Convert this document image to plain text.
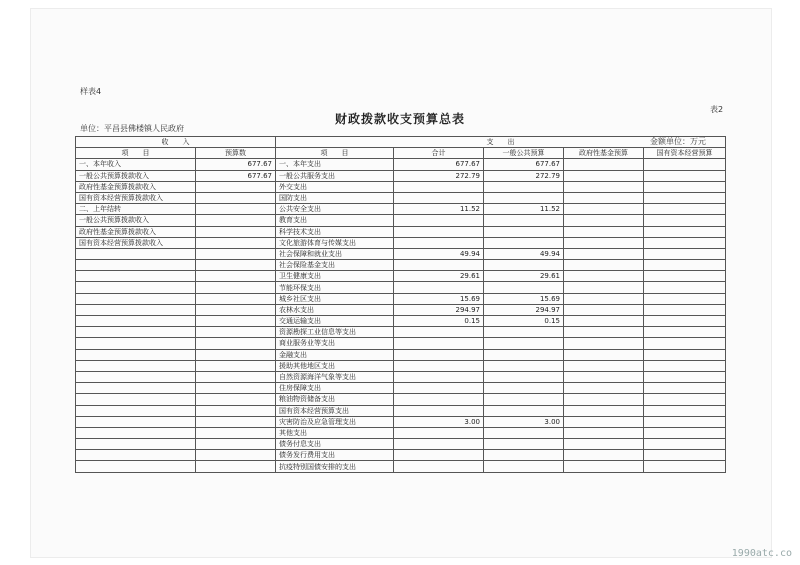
样表4
表2
财政拨款收支预算总表
单位：平昌县佛楼镇人民政府
金额单位：万元
收　　入		支　　出				
项　　目	预算数	项　　目	合计	一般公共预算	政府性基金预算	国有资本经营预算
一、本年收入	677.67	一、本年支出	677.67	677.67		
一般公共预算拨款收入	677.67	一般公共服务支出	272.79	272.79		
政府性基金预算拨款收入		外交支出				
国有资本经营预算拨款收入		国防支出				
二、上年结转		公共安全支出	11.52	11.52		
一般公共预算拨款收入		教育支出				
政府性基金预算拨款收入		科学技术支出				
国有资本经营预算拨款收入		文化旅游体育与传媒支出				
		社会保障和就业支出	49.94	49.94		
		社会保险基金支出				
		卫生健康支出	29.61	29.61		
		节能环保支出				
		城乡社区支出	15.69	15.69		
		农林水支出	294.97	294.97		
		交通运输支出	0.15	0.15		
		资源勘探工业信息等支出				
		商业服务业等支出				
		金融支出				
		援助其他地区支出				
		自然资源海洋气象等支出				
		住房保障支出				
		粮油物资储备支出				
		国有资本经营预算支出				
		灾害防治及应急管理支出	3.00	3.00		
		其他支出				
		债务付息支出				
		债务发行费用支出				
		抗疫特别国债安排的支出				
1990atc.co
